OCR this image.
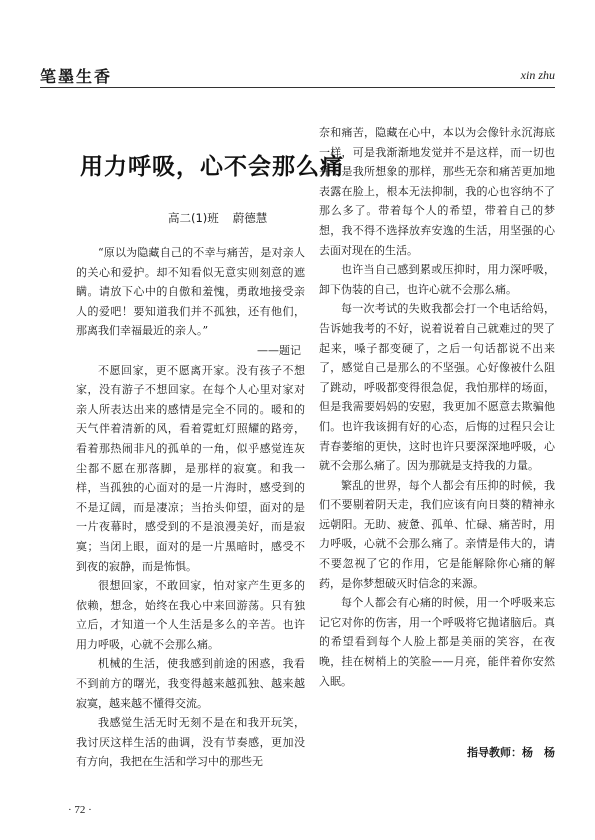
笔墨生香	xin zhu
用力呼吸，心不会那么痛
高二(1)班 蔚德慧

“原以为隐藏自己的不幸与痛苦，是对亲人的关心和爱护。却不知看似无意实则刻意的遮瞒。请放下心中的自傲和羞愧，勇敢地接受亲人的爱吧！要知道我们并不孤独，还有他们，那离我们幸福最近的亲人。”

——题记

不愿回家，更不愿离开家。没有孩子不想家，没有游子不想回家。在每个人心里对家对亲人所表达出来的感情是完全不同的。暖和的天气伴着清新的风，看着霓虹灯照耀的路旁，看着那热闹非凡的孤单的一角，似乎感觉连灰尘都不愿在那落脚，是那样的寂寞。和我一样，当孤独的心面对的是一片海时，感受到的不是辽阔，而是凄凉；当抬头仰望，面对的是一片夜幕时，感受到的不是浪漫美好，而是寂寞；当闭上眼，面对的是一片黑暗时，感受不到夜的寂静，而是怖惧。

很想回家，不敢回家，怕对家产生更多的依赖，想念，始终在我心中来回游荡。只有独立后，才知道一个人生活是多么的辛苦。也许用力呼吸，心就不会那么痛。

机械的生活，使我感到前途的困惑，我看不到前方的曙光，我变得越来越孤独、越来越寂寞，越来越不懂得交流。

我感觉生活无时无刻不是在和我开玩笑，我讨厌这样生活的曲调，没有节奏感，更加没有方向，我把在生活和学习中的那些无

奈和痛苦，隐藏在心中，本以为会像针永沉海底一样，可是我渐渐地发觉并不是这样，而一切也并不是我所想象的那样，那些无奈和痛苦更加地表露在脸上，根本无法抑制，我的心也容纳不了那么多了。带着每个人的希望，带着自己的梦想，我不得不选择放弃安逸的生活，用坚强的心去面对现在的生活。

也许当自己感到累或压抑时，用力深呼吸，卸下伪装的自己，也许心就不会那么痛。

每一次考试的失败我都会打一个电话给妈，告诉她我考的不好，说着说着自己就难过的哭了起来，嗓子都变硬了，之后一句话都说不出来了，感觉自己是那么的不坚强。心好像被什么阻了跳动，呼吸都变得很急促，我怕那样的场面，但是我需要妈妈的安慰，我更加不愿意去欺骗他们。也许我该拥有好的心态，后悔的过程只会让青春萎缩的更快，这时也许只要深深地呼吸，心就不会那么痛了。因为那就是支持我的力量。

繁乱的世界，每个人都会有压抑的时候，我们不要剔着阴天走，我们应该有向日葵的精神永远朝阳。无助、疲惫、孤单、忙碌、痛苦时，用力呼吸，心就不会那么痛了。亲情是伟大的，请不要忽视了它的作用，它是能解除你心痛的解药，是你梦想破灭时信念的来源。

每个人都会有心痛的时候，用一个呼吸来忘记它对你的伤害，用一个呼吸将它抛诸脑后。真的希望看到每个人脸上都是美丽的笑容，在夜晚，挂在树梢上的笑脸——月亮，能伴着你安然入眠。

指导教师：杨　杨
· 72 ·
